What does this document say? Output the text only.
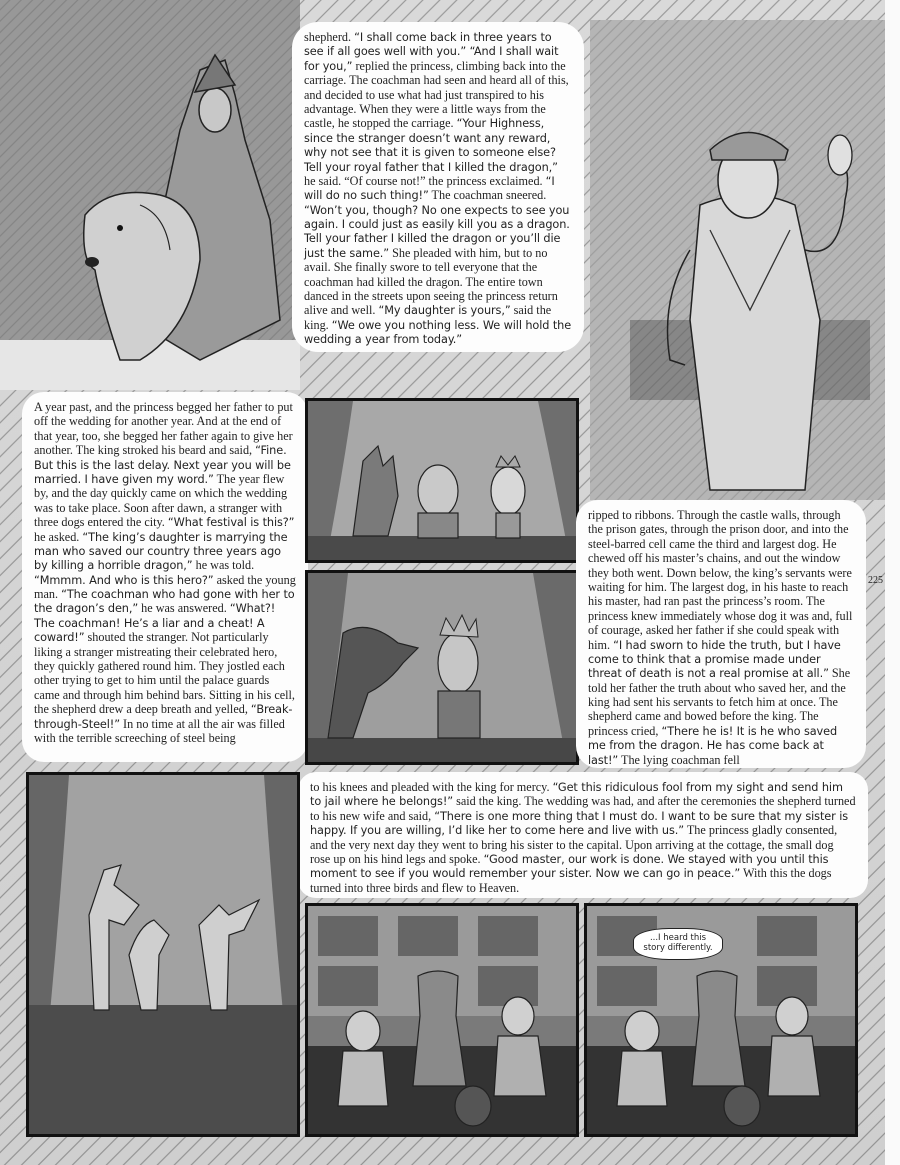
shepherd. “I shall come back in three years to see if all goes well with you.” “And I shall wait for you,” replied the princess, climbing back into the carriage. The coachman had seen and heard all of this, and decided to use what had just transpired to his advantage. When they were a little ways from the castle, he stopped the carriage. “Your Highness, since the stranger doesn’t want any reward, why not see that it is given to someone else? Tell your royal father that I killed the dragon,” he said. “Of course not!” the princess exclaimed. “I will do no such thing!” The coachman sneered. “Won’t you, though? No one expects to see you again. I could just as easily kill you as a dragon. Tell your father I killed the dragon or you’ll die just the same.” She pleaded with him, but to no avail. She finally swore to tell everyone that the coachman had killed the dragon. The entire town danced in the streets upon seeing the princess return alive and well. “My daughter is yours,” said the king. “We owe you nothing less. We will hold the wedding a year from today.”

A year past, and the princess begged her father to put off the wedding for another year. And at the end of that year, too, she begged her father again to give her another. The king stroked his beard and said, “Fine. But this is the last delay. Next year you will be married. I have given my word.” The year flew by, and the day quickly came on which the wedding was to take place. Soon after dawn, a stranger with three dogs entered the city. “What festival is this?” he asked. “The king’s daughter is marrying the man who saved our country three years ago by killing a horrible dragon,” he was told. “Mmmm. And who is this hero?” asked the young man. “The coachman who had gone with her to the dragon’s den,” he was answered. “What?! The coachman! He’s a liar and a cheat! A coward!” shouted the stranger. Not particularly liking a stranger mistreating their celebrated hero, they quickly gathered round him. They jostled each other trying to get to him until the palace guards came and through him behind bars. Sitting in his cell, the shepherd drew a deep breath and yelled, “Break-through-Steel!” In no time at all the air was filled with the terrible screeching of steel being

ripped to ribbons. Through the castle walls, through the prison gates, through the prison door, and into the steel-barred cell came the third and largest dog. He chewed off his master’s chains, and out the window they both went. Down below, the king’s servants were waiting for him. The largest dog, in his haste to reach his master, had ran past the princess’s room. The princess knew immediately whose dog it was and, full of courage, asked her father if she could speak with him. “I had sworn to hide the truth, but I have come to think that a promise made under threat of death is not a real promise at all.” She told her father the truth about who saved her, and the king had sent his servants to fetch him at once. The shepherd came and bowed before the king. The princess cried, “There he is! It is he who saved me from the dragon. He has come back at last!” The lying coachman fell

225

to his knees and pleaded with the king for mercy. “Get this ridiculous fool from my sight and send him to jail where he belongs!” said the king. The wedding was had, and after the ceremonies the shepherd turned to his new wife and said, “There is one more thing that I must do. I want to be sure that my sister is happy. If you are willing, I’d like her to come here and live with us.” The princess gladly consented, and the very next day they went to bring his sister to the capital. Upon arriving at the cottage, the small dog rose up on his hind legs and spoke. “Good master, our work is done. We stayed with you until this moment to see if you would remember your sister. Now we can go in peace.” With this the dogs turned into three birds and flew to Heaven.

...I heard this story differently.
